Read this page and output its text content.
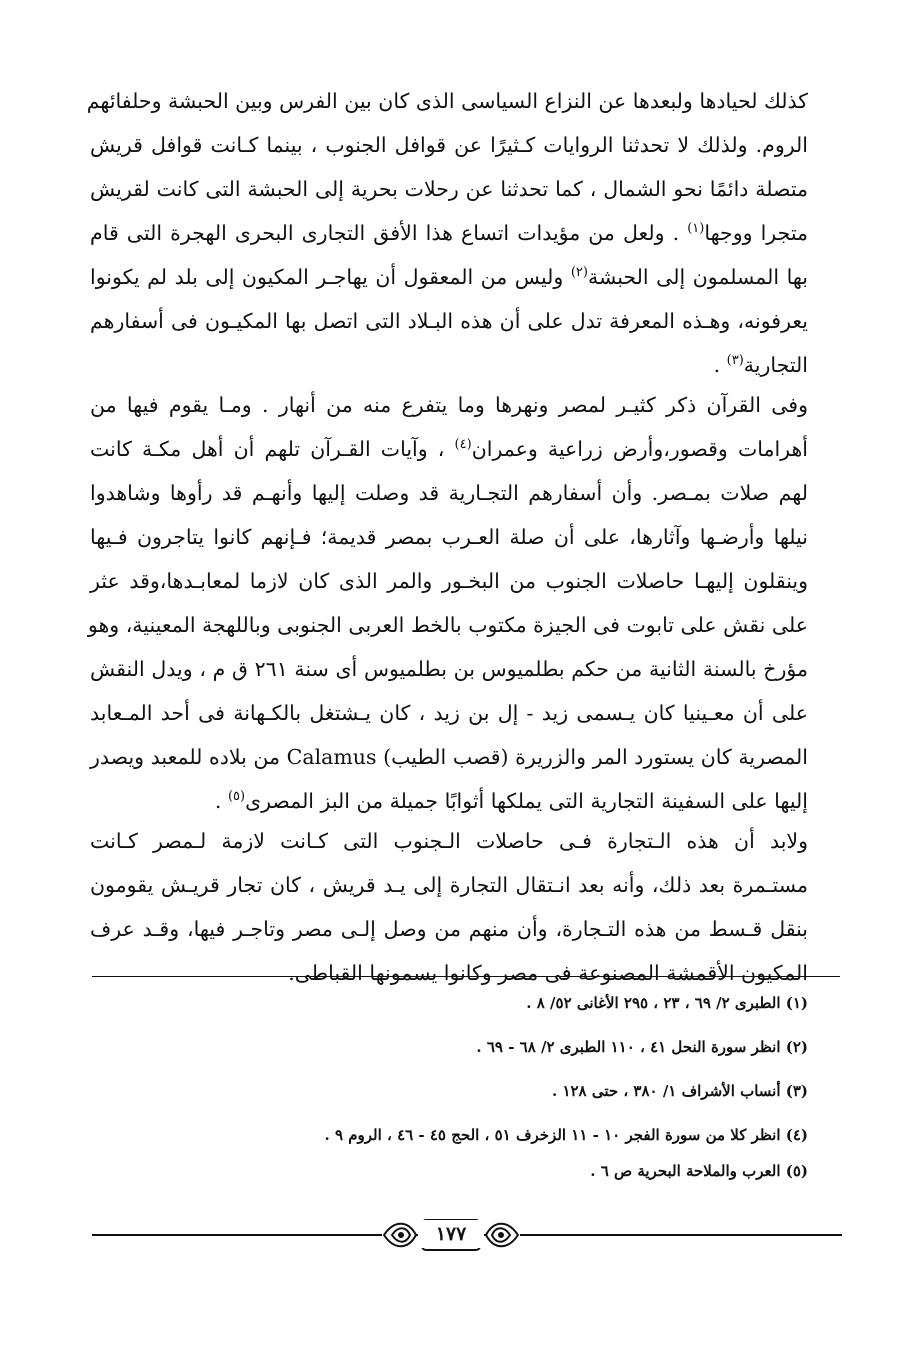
كذلك لحيادها ولبعدها عن النزاع السياسى الذى كان بين الفرس وبين الحبشة وحلفائهم
الروم. ولذلك لا تحدثنا الروايات كـثيرًا عن قوافل الجنوب ، بينما كـانت قوافل قريش
متصلة دائمًا نحو الشمال ، كما تحدثنا عن رحلات بحرية إلى الحبشة التى كانت لقريش
متجرا ووجها$^{(١)}$ . ولعل من مؤيدات اتساع هذا الأفق التجارى البحرى الهجرة التى قام
بها المسلمون إلى الحبشة$^{(٢)}$ وليس من المعقول أن يهاجـر المكيون إلى بلد لم يكونوا
يعرفونه، وهـذه المعرفة تدل على أن هذه البـلاد التى اتصل بها المكيـون فى أسفارهم
التجارية$^{(٣)}$ .
وفى القرآن ذكر كثيـر لمصر ونهرها وما يتفرع منه من أنهار . ومـا يقوم فيها من
أهرامات وقصور،وأرض زراعية وعمران$^{(٤)}$ ، وآيات القـرآن تلهم أن أهل مكـة كانت
لهم صلات بمـصر. وأن أسفارهم التجـارية قد وصلت إليها وأنهـم قد رأوها وشاهدوا
نيلها وأرضـها وآثارها، على أن صلة العـرب بمصر قديمة؛ فـإنهم كانوا يتاجرون فـيها
وينقلون إليهـا حاصلات الجنوب من البخـور والمر الذى كان لازما لمعابـدها،وقد عثر
على نقش على تابوت فى الجيزة مكتوب بالخط العربى الجنوبى وباللهجة المعينية، وهو
مؤرخ بالسنة الثانية من حكم بطلميوس بن بطلميوس أى سنة ٢٦١ ق م ، ويدل النقش
على أن معـينيا كان يـسمى زيد - إل بن زيد ، كان يـشتغل بالكـهانة فى أحد المـعابد
المصرية كان يستورد المر والزريرة (قصب الطيب) Calamus من بلاده للمعبد ويصدر
إليها على السفينة التجارية التى يملكها أثوابًا جميلة من البز المصرى$^{(٥)}$ .
ولابد أن هذه الـتجارة فـى حاصلات الـجنوب التى كـانت لازمة لـمصر كـانت
مستـمرة بعد ذلك، وأنه بعد انـتقال التجارة إلى يـد قريش ، كان تجار قريـش يقومون
بنقل قـسط من هذه التـجارة، وأن منهم من وصل إلـى مصر وتاجـر فيها، وقـد عرف
المكيون الأقمشة المصنوعة فى مصر وكانوا يسمونها القباطى.
(١) الطبرى ٢/ ٦٩ ، ٢٣ ، ٢٩٥ الأغانى ٥٢/ ٨ .
(٢) انظر سورة النحل ٤١ ، ١١٠ الطبرى ٢/ ٦٨ - ٦٩ .
(٣) أنساب الأشراف ١/ ٣٨٠ ، حتى ١٢٨ .
(٤) انظر كلا من سورة الفجر ١٠ - ١١ الزخرف ٥١ ، الحج ٤٥ - ٤٦ ، الروم ٩ .
(٥) العرب والملاحة البحرية ص ٦ .
١٧٧
